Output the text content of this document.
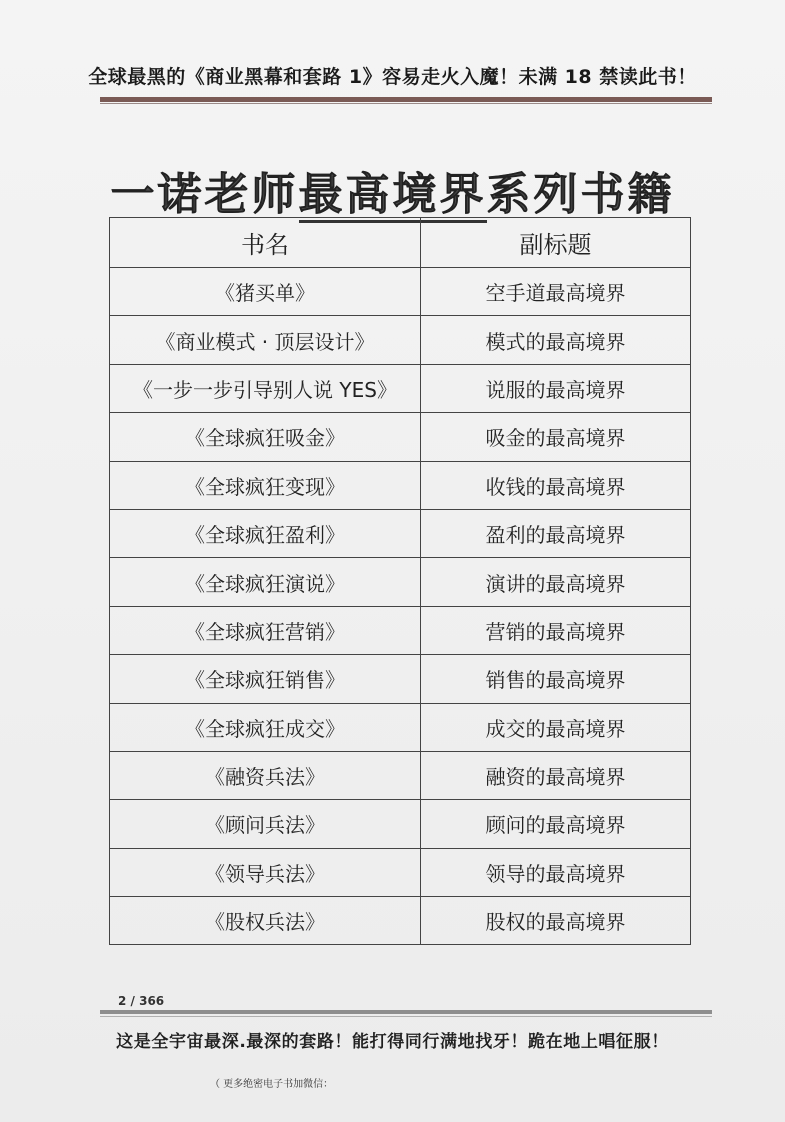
全球最黑的《商业黑幕和套路 1》容易走火入魔！未满 18 禁读此书！
一诺老师最高境界系列书籍
书名	副标题
《猪买单》	空手道最高境界
《商业模式 · 顶层设计》	模式的最高境界
《一步一步引导别人说 YES》	说服的最高境界
《全球疯狂吸金》	吸金的最高境界
《全球疯狂变现》	收钱的最高境界
《全球疯狂盈利》	盈利的最高境界
《全球疯狂演说》	演讲的最高境界
《全球疯狂营销》	营销的最高境界
《全球疯狂销售》	销售的最高境界
《全球疯狂成交》	成交的最高境界
《融资兵法》	融资的最高境界
《顾问兵法》	顾问的最高境界
《领导兵法》	领导的最高境界
《股权兵法》	股权的最高境界
2 / 366
这是全宇宙最深.最深的套路！能打得同行满地找牙！跪在地上唱征服！
（ 更多绝密电子书加微信：
